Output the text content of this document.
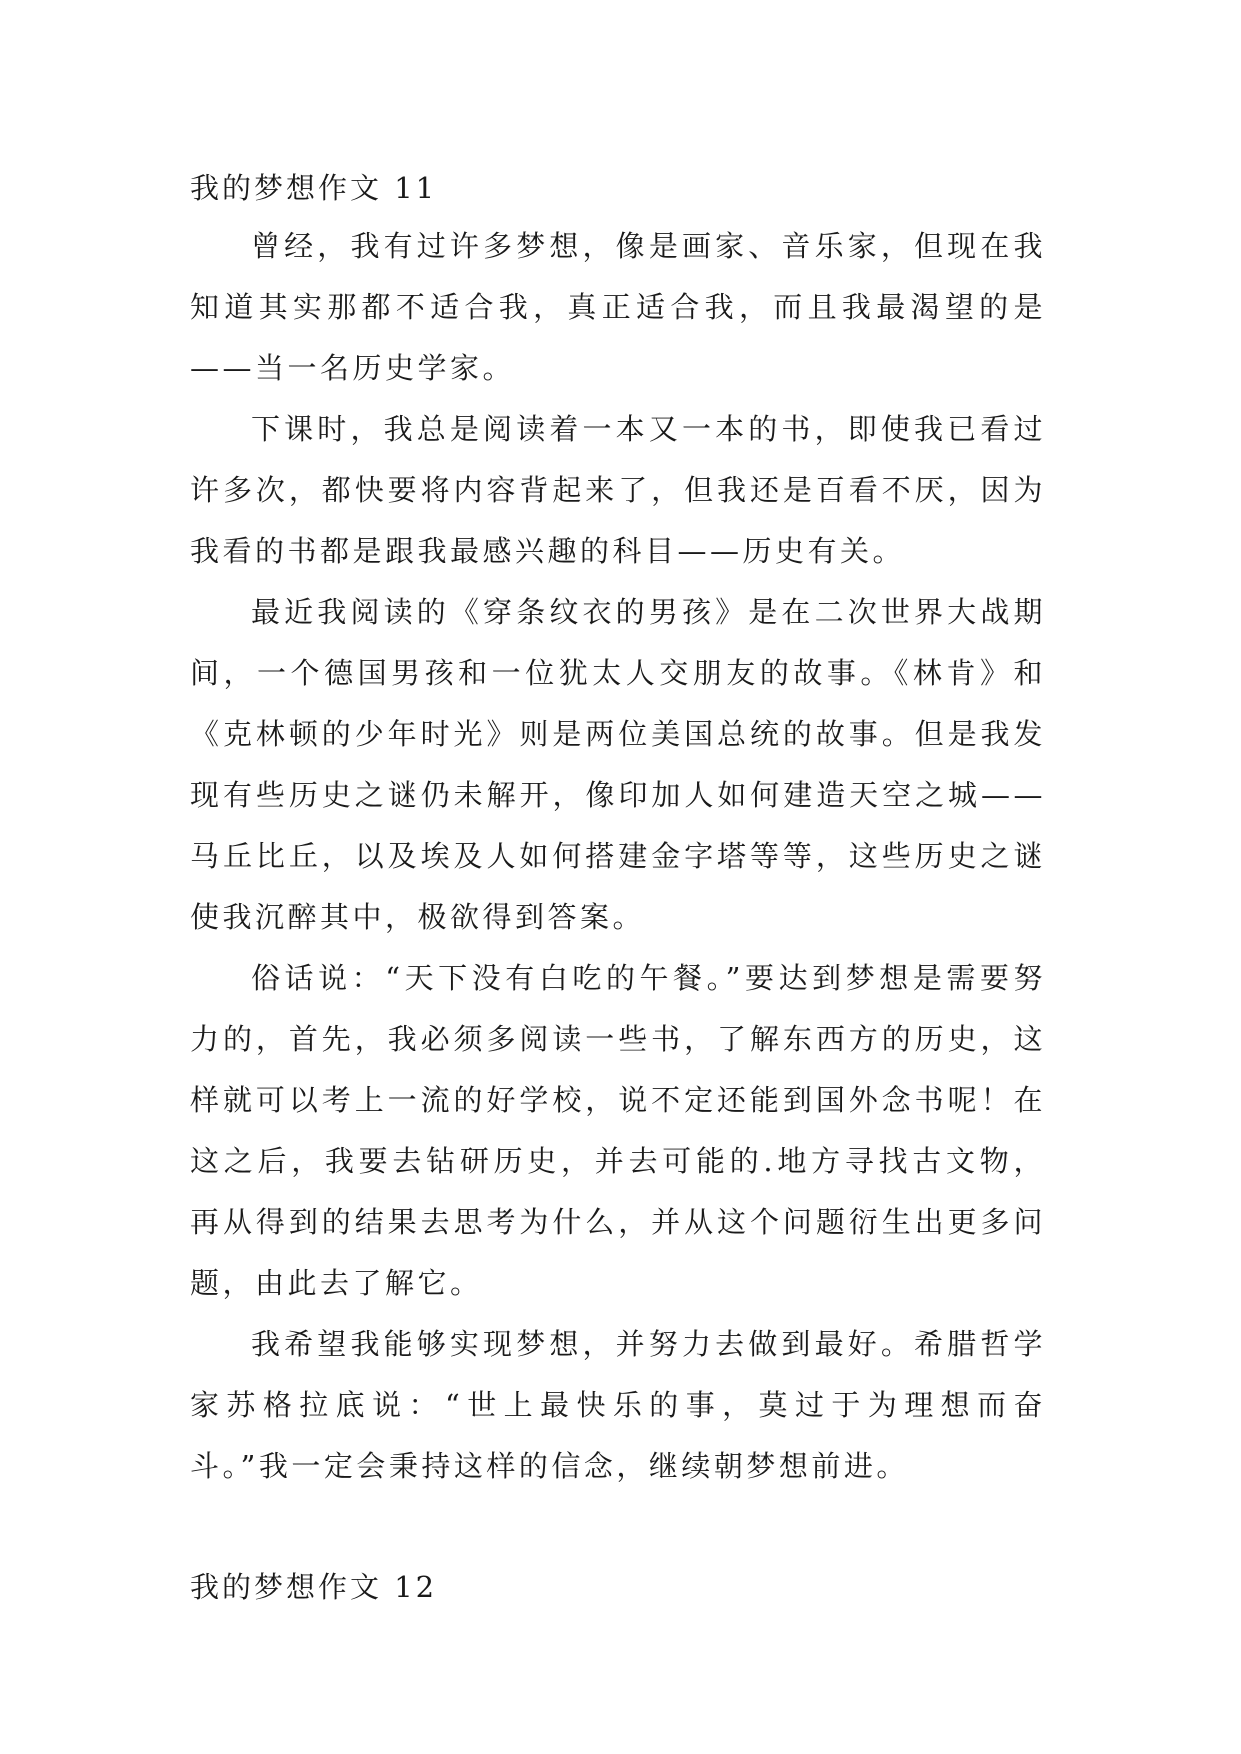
我的梦想作文 11

曾经，我有过许多梦想，像是画家、音乐家，但现在我知道其实那都不适合我，真正适合我，而且我最渴望的是——当一名历史学家。

下课时，我总是阅读着一本又一本的书，即使我已看过许多次，都快要将内容背起来了，但我还是百看不厌，因为我看的书都是跟我最感兴趣的科目——历史有关。

最近我阅读的《穿条纹衣的男孩》是在二次世界大战期间，一个德国男孩和一位犹太人交朋友的故事。《林肯》和《克林顿的少年时光》则是两位美国总统的故事。但是我发现有些历史之谜仍未解开，像印加人如何建造天空之城——马丘比丘，以及埃及人如何搭建金字塔等等，这些历史之谜使我沉醉其中，极欲得到答案。

俗话说：“天下没有白吃的午餐。”要达到梦想是需要努力的，首先，我必须多阅读一些书，了解东西方的历史，这样就可以考上一流的好学校，说不定还能到国外念书呢！在这之后，我要去钻研历史，并去可能的.地方寻找古文物，再从得到的结果去思考为什么，并从这个问题衍生出更多问题，由此去了解它。

我希望我能够实现梦想，并努力去做到最好。希腊哲学家苏格拉底说：“世上最快乐的事，莫过于为理想而奋斗。”我一定会秉持这样的信念，继续朝梦想前进。

我的梦想作文 12
